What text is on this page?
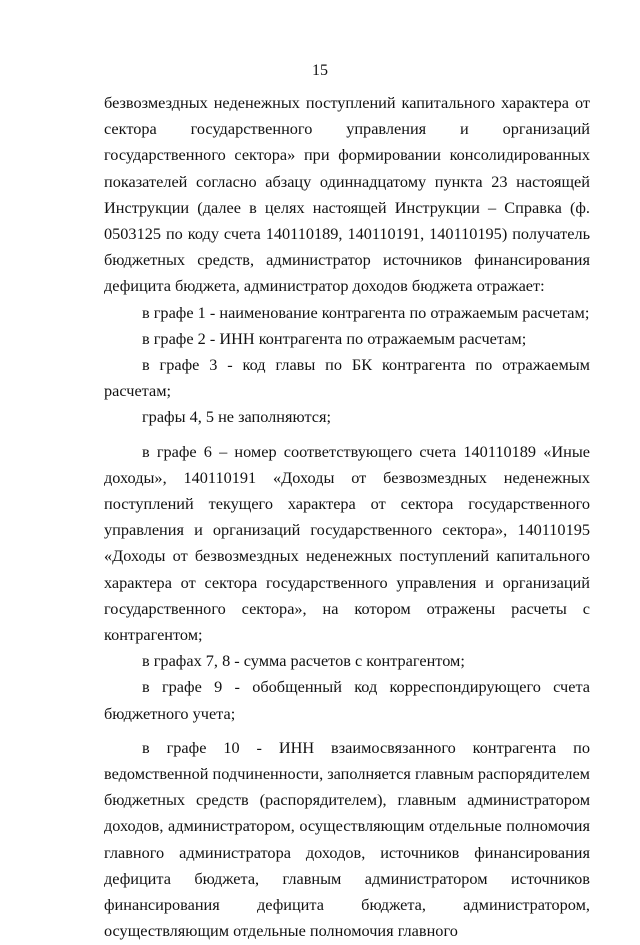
15

безвозмездных неденежных поступлений капитального характера от сектора государственного управления и организаций государственного сектора» при формировании консолидированных показателей согласно абзацу одиннадцатому пункта 23 настоящей Инструкции (далее в целях настоящей Инструкции – Справка (ф. 0503125 по коду счета 140110189, 140110191, 140110195) получатель бюджетных средств, администратор источников финансирования дефицита бюджета, администратор доходов бюджета отражает:

в графе 1 - наименование контрагента по отражаемым расчетам;

в графе 2 - ИНН контрагента по отражаемым расчетам;

в графе 3 - код главы по БК контрагента по отражаемым расчетам;

графы 4, 5 не заполняются;

в графе 6 – номер соответствующего счета 140110189 «Иные доходы», 140110191 «Доходы от безвозмездных неденежных поступлений текущего характера от сектора государственного управления и организаций государственного сектора», 140110195 «Доходы от безвозмездных неденежных поступлений капитального характера от сектора государственного управления и организаций государственного сектора», на котором отражены расчеты с контрагентом;

в графах 7, 8 - сумма расчетов с контрагентом;

в графе 9 - обобщенный код корреспондирующего счета бюджетного учета;

в графе 10 - ИНН взаимосвязанного контрагента по ведомственной подчиненности, заполняется главным распорядителем бюджетных средств (распорядителем), главным администратором доходов, администратором, осуществляющим отдельные полномочия главного администратора доходов, источников финансирования дефицита бюджета, главным администратором источников финансирования дефицита бюджета, администратором, осуществляющим отдельные полномочия главного
